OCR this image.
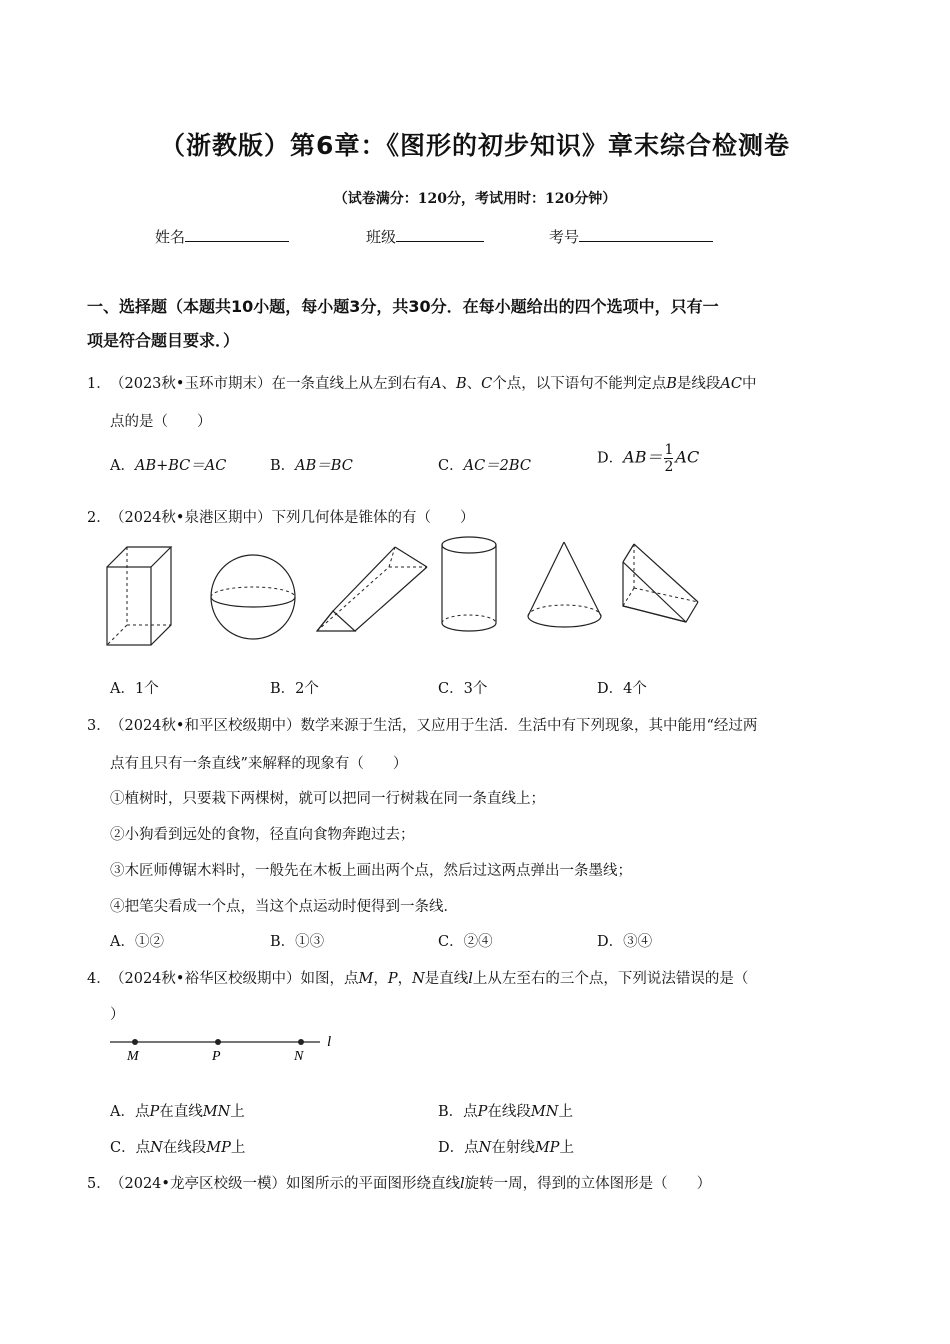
（浙教版）第6章：《图形的初步知识》章末综合检测卷
（试卷满分：120分，考试用时：120分钟）
姓名	班级	考号
一、选择题（本题共10小题，每小题3分，共30分．在每小题给出的四个选项中，只有一
项是符合题目要求．）
1． （2023秋•玉环市期末）在一条直线上从左到右有A、B、C个点，以下语句不能判定点B是线段AC中
点的是（　　）
A．AB+BC＝AC	B．AB＝BC	C．AC＝2BC	D．$AB= \frac{1}{2}$ AC
2． （2024秋•泉港区期中）下列几何体是锥体的有（　　）
A．1个	B．2个	C．3个	D．4个
3． （2024秋•和平区校级期中）数学来源于生活，又应用于生活．生活中有下列现象，其中能用“经过两
点有且只有一条直线”来解释的现象有（　　）
①植树时，只要栽下两棵树，就可以把同一行树栽在同一条直线上；
②小狗看到远处的食物，径直向食物奔跑过去；
③木匠师傅锯木料时，一般先在木板上画出两个点，然后过这两点弹出一条墨线；
④把笔尖看成一个点，当这个点运动时便得到一条线．
A．①②	B．①③	C．②④	D．③④
4． （2024秋•裕华区校级期中）如图，点M，P，N是直线l上从左至右的三个点，下列说法错误的是（
）
M	P	N
l
A．点P在直线MN上	B．点P在线段MN上
C．点N在线段MP上	D．点N在射线MP上
5． （2024•龙亭区校级一模）如图所示的平面图形绕直线l旋转一周，得到的立体图形是（　　）
